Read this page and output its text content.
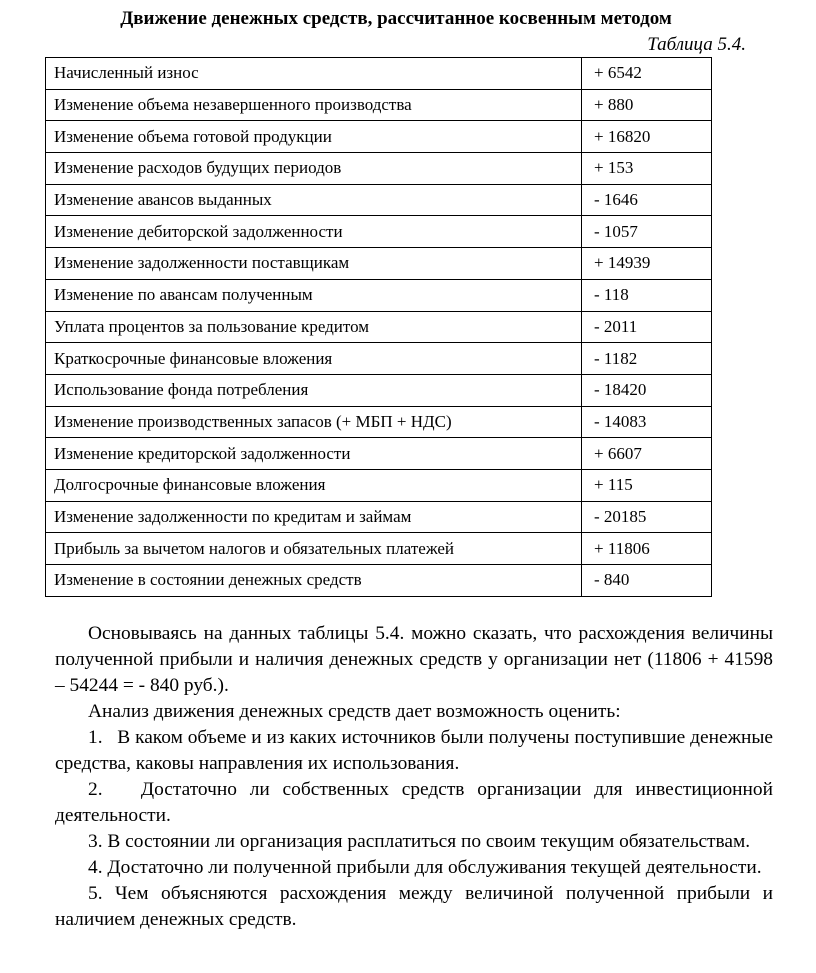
Движение денежных средств, рассчитанное косвенным методом
Таблица 5.4.
Начисленный износ	+ 6542
Изменение объема незавершенного производства	+ 880
Изменение объема готовой продукции	+ 16820
Изменение расходов будущих периодов	+ 153
Изменение авансов выданных	- 1646
Изменение дебиторской задолженности	- 1057
Изменение задолженности поставщикам	+ 14939
Изменение по авансам полученным	- 118
Уплата процентов за пользование кредитом	- 2011
Краткосрочные финансовые вложения	- 1182
Использование фонда потребления	- 18420
Изменение производственных запасов (+ МБП + НДС)	- 14083
Изменение кредиторской задолженности	+ 6607
Долгосрочные финансовые вложения	+ 115
Изменение задолженности по кредитам и займам	- 20185
Прибыль за вычетом налогов и обязательных платежей	+ 11806
Изменение в состоянии денежных средств	- 840

Основываясь на данных таблицы 5.4. можно сказать, что расхождения величины полученной прибыли и наличия денежных средств у организации нет (11806 + 41598 – 54244 = - 840 руб.).

Анализ движения денежных средств дает возможность оценить:

1.   В каком объеме и из каких источников были получены поступившие денежные средства, каковы направления их использования.

2.   Достаточно ли собственных средств организации для инвестиционной деятельности.

3. В состоянии ли организация расплатиться по своим текущим обязательствам.

4. Достаточно ли полученной прибыли для обслуживания текущей деятельности.

5. Чем объясняются расхождения между величиной полученной прибыли и наличием денежных средств.
